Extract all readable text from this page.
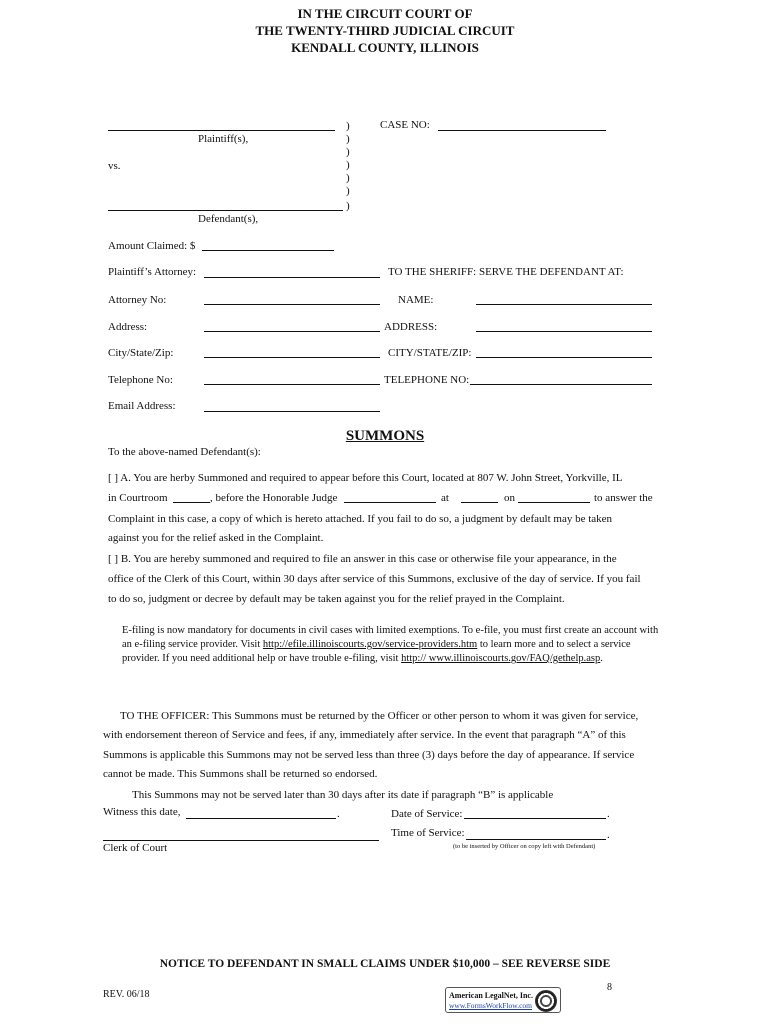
IN THE CIRCUIT COURT OF
THE TWENTY-THIRD JUDICIAL CIRCUIT
KENDALL COUNTY, ILLINOIS
Plaintiff(s),
vs.
Defendant(s),
)
)
)
)
)
)
)
CASE NO:
Amount Claimed: $
Plaintiff’s Attorney:
Attorney No:
Address:
City/State/Zip:
Telephone No:
Email Address:
TO THE SHERIFF: SERVE THE DEFENDANT AT:
NAME:
ADDRESS:
CITY/STATE/ZIP:
TELEPHONE NO:
SUMMONS
To the above-named Defendant(s):
[ ] A. You are herby Summoned and required to appear before this Court, located at 807 W. John Street, Yorkville, IL
in Courtroom	, before the Honorable Judge	at	on	to answer the
Complaint in this case, a copy of which is hereto attached. If you fail to do so, a judgment by default may be taken
against you for the relief asked in the Complaint.
[ ] B. You are hereby summoned and required to file an answer in this case or otherwise file your appearance, in the
office of the Clerk of this Court, within 30 days after service of this Summons, exclusive of the day of service. If you fail
to do so, judgment or decree by default may be taken against you for the relief prayed in the Complaint.
E-filing is now mandatory for documents in civil cases with limited exemptions. To e-file, you must first create an account with an e-filing service provider. Visit http://efile.illinoiscourts.gov/service-providers.htm to learn more and to select a service provider. If you need additional help or have trouble e-filing, visit http:// www.illinoiscourts.gov/FAQ/gethelp.asp.
TO THE OFFICER: This Summons must be returned by the Officer or other person to whom it was given for service,
with endorsement thereon of Service and fees, if any, immediately after service. In the event that paragraph “A” of this
Summons is applicable this Summons may not be served less than three (3) days before the day of appearance. If service
cannot be made. This Summons shall be returned so endorsed.
This Summons may not be served later than 30 days after its date if paragraph “B” is applicable
Witness this date,	.	Date of Service:	.
Clerk of Court
Time of Service:	.
(to be inserted by Officer on copy left with Defendant)
NOTICE TO DEFENDANT IN SMALL CLAIMS UNDER $10,000 – SEE REVERSE SIDE
REV. 06/18
8
American LegalNet, Inc.
www.FormsWorkFlow.com
